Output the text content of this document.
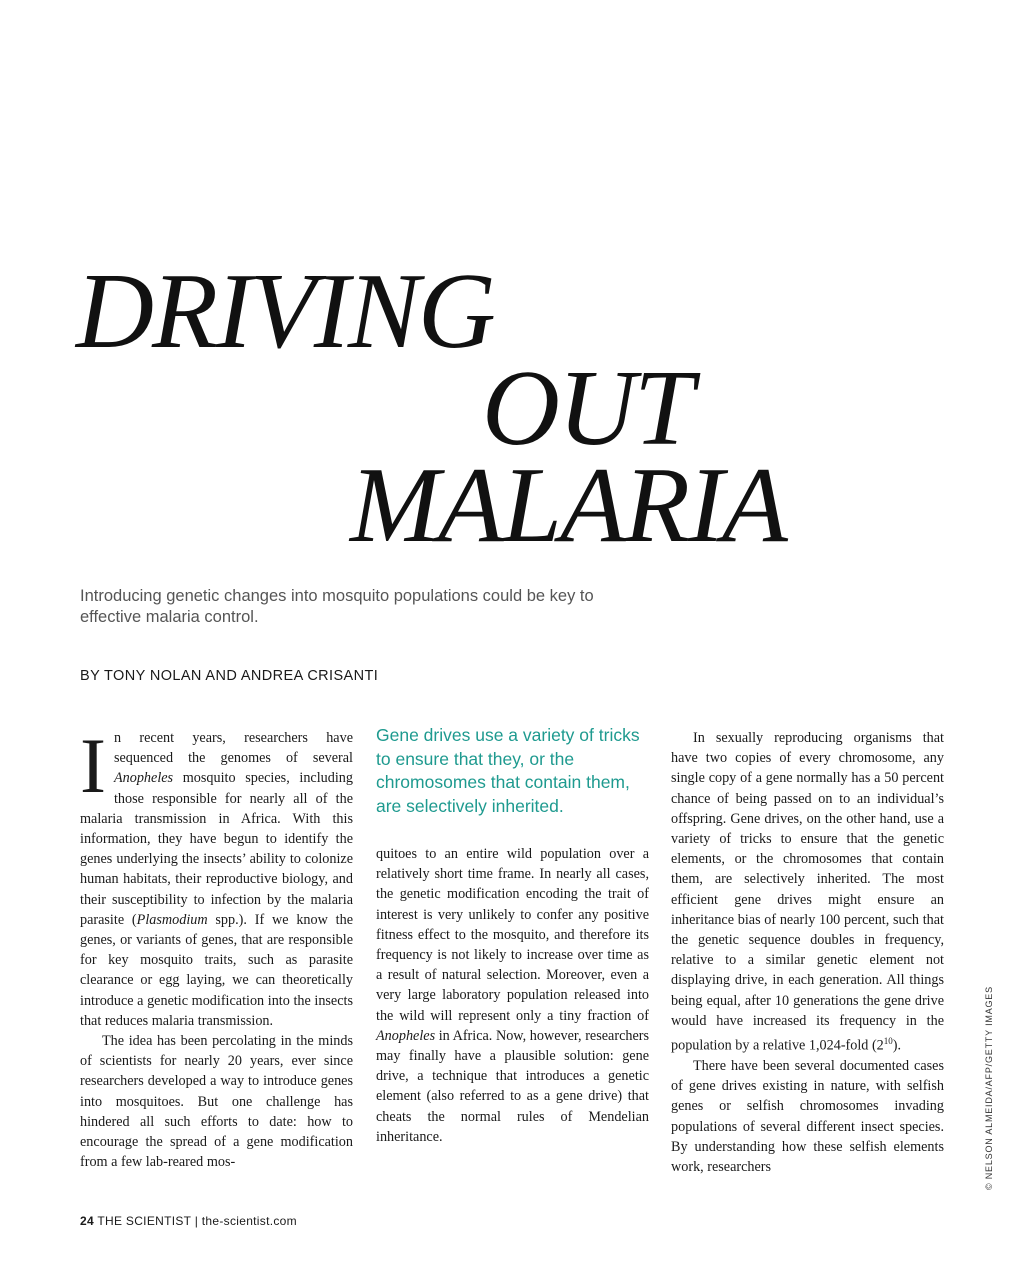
DRIVING
OUT
MALARIA

Introducing genetic changes into mosquito populations could be key to effective malaria control.

BY TONY NOLAN AND ANDREA CRISANTI

In recent years, researchers have sequenced the genomes of several Anopheles mosquito species, including those responsible for nearly all of the malaria transmission in Africa. With this information, they have begun to identify the genes underlying the insects’ ability to colonize human habitats, their reproductive biology, and their susceptibility to infection by the malaria parasite (Plasmodium spp.). If we know the genes, or variants of genes, that are responsible for key mosquito traits, such as parasite clearance or egg laying, we can theoretically introduce a genetic modification into the insects that reduces malaria transmission.

The idea has been percolating in the minds of scientists for nearly 20 years, ever since researchers developed a way to introduce genes into mosquitoes. But one challenge has hindered all such efforts to date: how to encourage the spread of a gene modification from a few lab-reared mos-

Gene drives use a variety of tricks to ensure that they, or the chromosomes that contain them, are selectively inherited.

quitoes to an entire wild population over a relatively short time frame. In nearly all cases, the genetic modification encoding the trait of interest is very unlikely to confer any positive fitness effect to the mosquito, and therefore its frequency is not likely to increase over time as a result of natural selection. Moreover, even a very large laboratory population released into the wild will represent only a tiny fraction of Anopheles in Africa. Now, however, researchers may finally have a plausible solution: gene drive, a technique that introduces a genetic element (also referred to as a gene drive) that cheats the normal rules of Mendelian inheritance.

In sexually reproducing organisms that have two copies of every chromosome, any single copy of a gene normally has a 50 percent chance of being passed on to an individual’s offspring. Gene drives, on the other hand, use a variety of tricks to ensure that the genetic elements, or the chromosomes that contain them, are selectively inherited. The most efficient gene drives might ensure an inheritance bias of nearly 100 percent, such that the genetic sequence doubles in frequency, relative to a similar genetic element not displaying drive, in each generation. All things being equal, after 10 generations the gene drive would have increased its frequency in the population by a relative 1,024-fold $(2^{10})$.

There have been several documented cases of gene drives existing in nature, with selfish genes or selfish chromosomes invading populations of several different insect species. By understanding how these selfish elements work, researchers

24 THE SCIENTIST | the-scientist.com

© NELSON ALMEIDA/AFP/GETTY IMAGES
